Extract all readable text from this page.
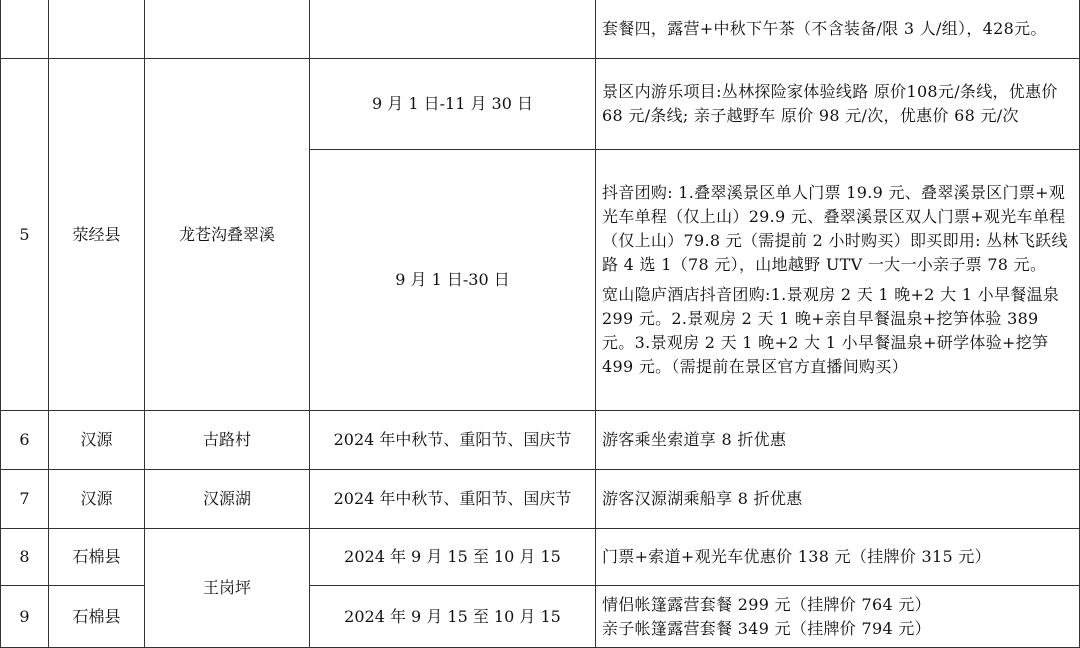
				套餐四，露营+中秋下午茶（不含装备/限 3 人/组），428元。
5	荥经县	龙苍沟叠翠溪	9 月 1 日-11 月 30 日	景区内游乐项目:丛林探险家体验线路 原价108元/条线，优惠价 68 元/条线; 亲子越野车 原价 98 元/次，优惠价 68 元/次
			9 月 1 日-30 日	抖音团购: 1.叠翠溪景区单人门票 19.9 元、叠翠溪景区门票+观光车单程（仅上山）29.9 元、叠翠溪景区双人门票+观光车单程（仅上山）79.8 元（需提前 2 小时购买）即买即用: 丛林飞跃线路 4 选 1（78 元），山地越野 UTV 一大一小亲子票 78 元。
宽山隐庐酒店抖音团购:1.景观房 2 天 1 晚+2 大 1 小早餐温泉 299 元。2.景观房 2 天 1 晚+亲自早餐温泉+挖笋体验 389 元。3.景观房 2 天 1 晚+2 大 1 小早餐温泉+研学体验+挖笋 499 元。（需提前在景区官方直播间购买）

6	汉源	古路村	2024 年中秋节、重阳节、国庆节	游客乘坐索道享 8 折优惠
7	汉源	汉源湖	2024 年中秋节、重阳节、国庆节	游客汉源湖乘船享 8 折优惠
8	石棉县	王岗坪	2024 年 9 月 15 至 10 月 15	门票+索道+观光车优惠价 138 元（挂牌价 315 元）
9	石棉县		2024 年 9 月 15 至 10 月 15	情侣帐篷露营套餐 299 元（挂牌价 764 元）
亲子帐篷露营套餐 349 元（挂牌价 794 元）
